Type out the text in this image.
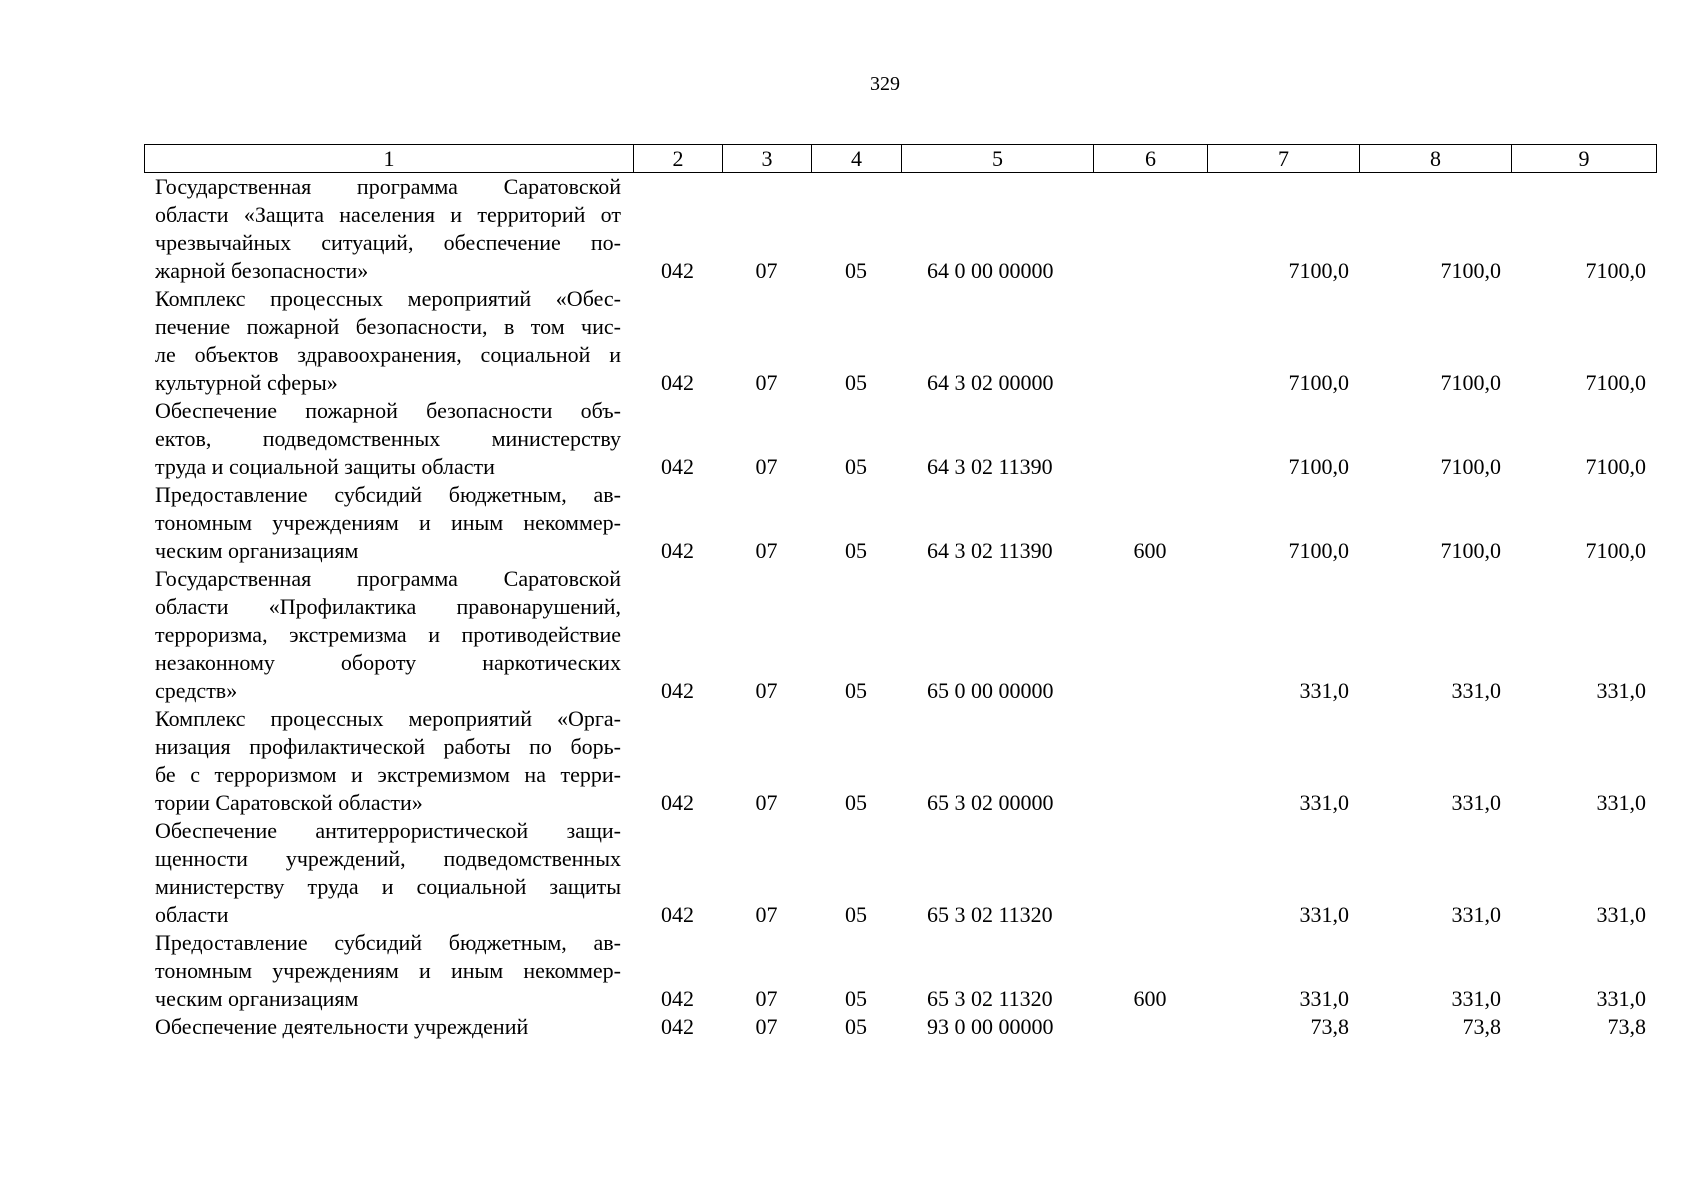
329
1	2	3	4	5	6	7	8	9
Государственная программа Саратовской
области «Защита населения и территорий от
чрезвычайных ситуаций, обеспечение по-
жарной безопасности»	042	07	05	64 0 00 00000		7100,0	7100,0	7100,0

Комплекс процессных мероприятий «Обес-
печение пожарной безопасности, в том чис-
ле объектов здравоохранения, социальной и
культурной сферы»	042	07	05	64 3 02 00000		7100,0	7100,0	7100,0

Обеспечение пожарной безопасности объ-
ектов, подведомственных министерству
труда и социальной защиты области	042	07	05	64 3 02 11390		7100,0	7100,0	7100,0

Предоставление субсидий бюджетным, ав-
тономным учреждениям и иным некоммер-
ческим организациям	042	07	05	64 3 02 11390	600	7100,0	7100,0	7100,0

Государственная программа Саратовской
области «Профилактика правонарушений,
терроризма, экстремизма и противодействие
незаконному обороту наркотических
средств»	042	07	05	65 0 00 00000		331,0	331,0	331,0

Комплекс процессных мероприятий «Орга-
низация профилактической работы по борь-
бе с терроризмом и экстремизмом на терри-
тории Саратовской области»	042	07	05	65 3 02 00000		331,0	331,0	331,0

Обеспечение антитеррористической защи-
щенности учреждений, подведомственных
министерству труда и социальной защиты
области	042	07	05	65 3 02 11320		331,0	331,0	331,0

Предоставление субсидий бюджетным, ав-
тономным учреждениям и иным некоммер-
ческим организациям	042	07	05	65 3 02 11320	600	331,0	331,0	331,0

Обеспечение деятельности учреждений	042	07	05	93 0 00 00000		73,8	73,8	73,8
